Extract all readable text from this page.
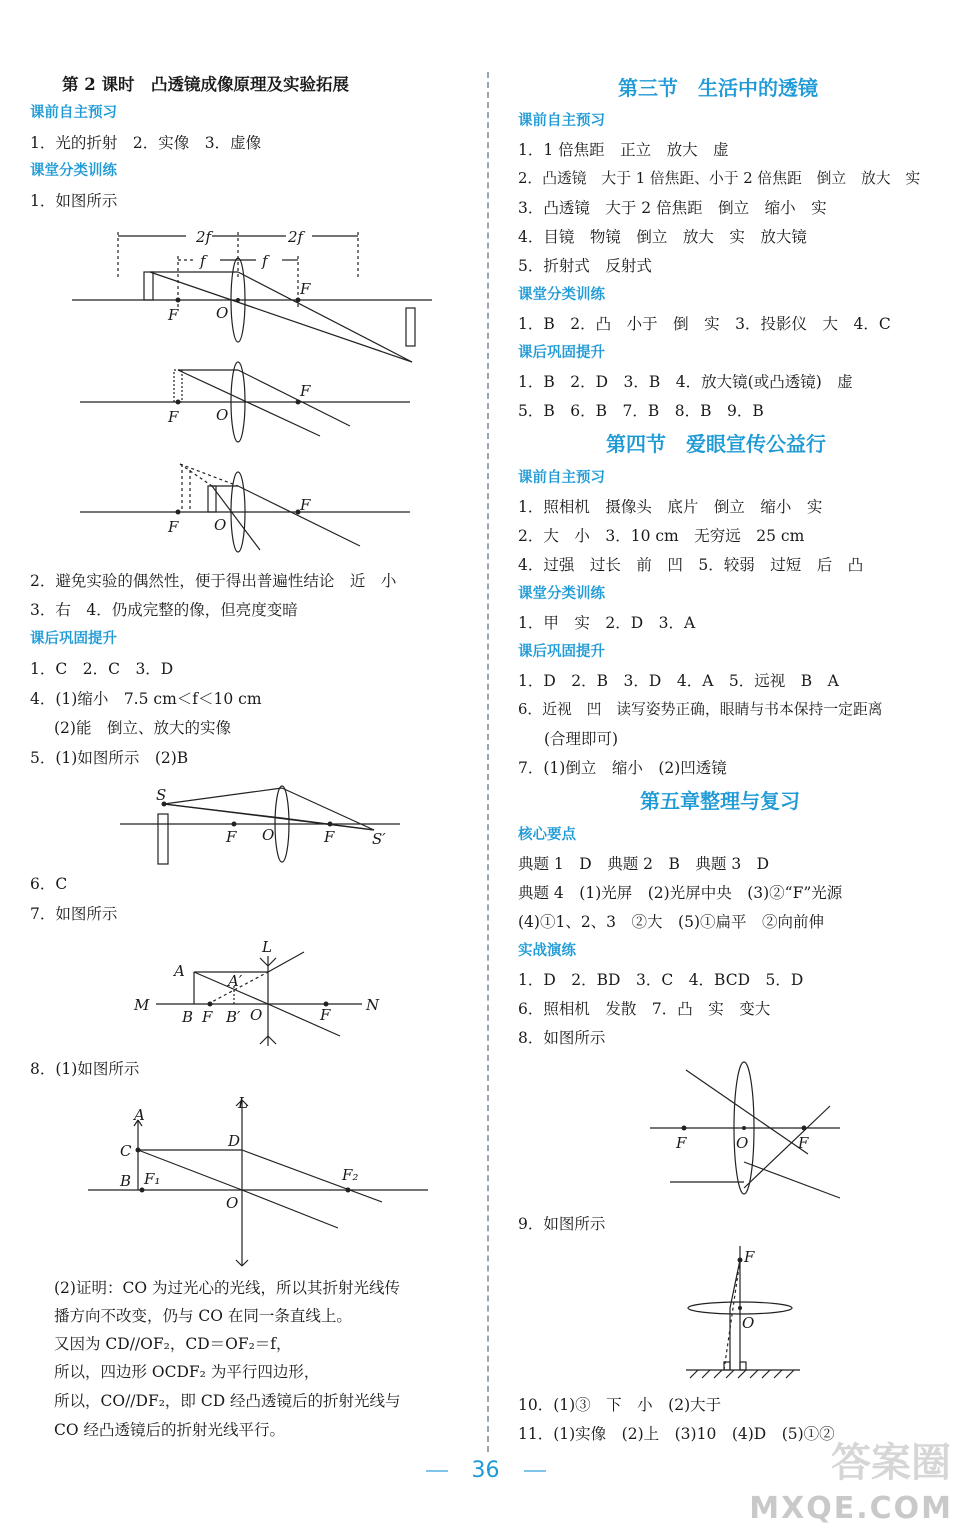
第 2 课时　凸透镜成像原理及实验拓展
课前自主预习
1．光的折射　2．实像　3．虚像
课堂分类训练
1．如图所示
2f	2f
f	f
F	O
F
F	O
F
F O
F
2．避免实验的偶然性，便于得出普遍性结论　近　小
3．右　4．仍成完整的像，但亮度变暗
课后巩固提升
1．C　2．C　3．D
4．(1)缩小　7.5 cm＜f＜10 cm
(2)能　倒立、放大的实像
5．(1)如图所示　(2)B
S
F O	F	S′
6．C
7．如图所示
L
A
A′
M	N
B F B′ O	F
8．(1)如图所示
A
L
C
D
B F₁	F₂
O
(2)证明：CO 为过光心的光线，所以其折射光线传
播方向不改变，仍与 CO 在同一条直线上。
又因为 CD//OF₂，CD＝OF₂＝f，
所以，四边形 OCDF₂ 为平行四边形，
所以，CO//DF₂，即 CD 经凸透镜后的折射光线与
CO 经凸透镜后的折射光线平行。
第三节　生活中的透镜
课前自主预习
1．1 倍焦距　正立　放大　虚
2．凸透镜　大于 1 倍焦距、小于 2 倍焦距　倒立　放大　实
3．凸透镜　大于 2 倍焦距　倒立　缩小　实
4．目镜　物镜　倒立　放大　实　放大镜
5．折射式　反射式
课堂分类训练
1．B　2．凸　小于　倒　实　3．投影仪　大　4．C
课后巩固提升
1．B　2．D　3．B　4．放大镜(或凸透镜)　虚
5．B　6．B　7．B　8．B　9．B
第四节　爱眼宣传公益行
课前自主预习
1．照相机　摄像头　底片　倒立　缩小　实
2．大　小　3．10 cm　无穷远　25 cm
4．过强　过长　前　凹　5．较弱　过短　后　凸
课堂分类训练
1．甲　实　2．D　3．A
课后巩固提升
1．D　2．B　3．D　4．A　5．远视　B　A
6．近视　凹　读写姿势正确，眼睛与书本保持一定距离
(合理即可)
7．(1)倒立　缩小　(2)凹透镜
第五章整理与复习
核心要点
典题 1　D　典题 2　B　典题 3　D
典题 4　(1)光屏　(2)光屏中央　(3)②“F”光源
(4)①1、2、3　②大　(5)①扁平　②向前伸
实战演练
1．D　2．BD　3．C　4．BCD　5．D
6．照相机　发散　7．凸　实　变大
8．如图所示
F	O	F
9．如图所示
F
O
10．(1)③　下　小　(2)大于
11．(1)实像　(2)上　(3)10　(4)D　(5)①②
36	答案圈
MXQE.COM
